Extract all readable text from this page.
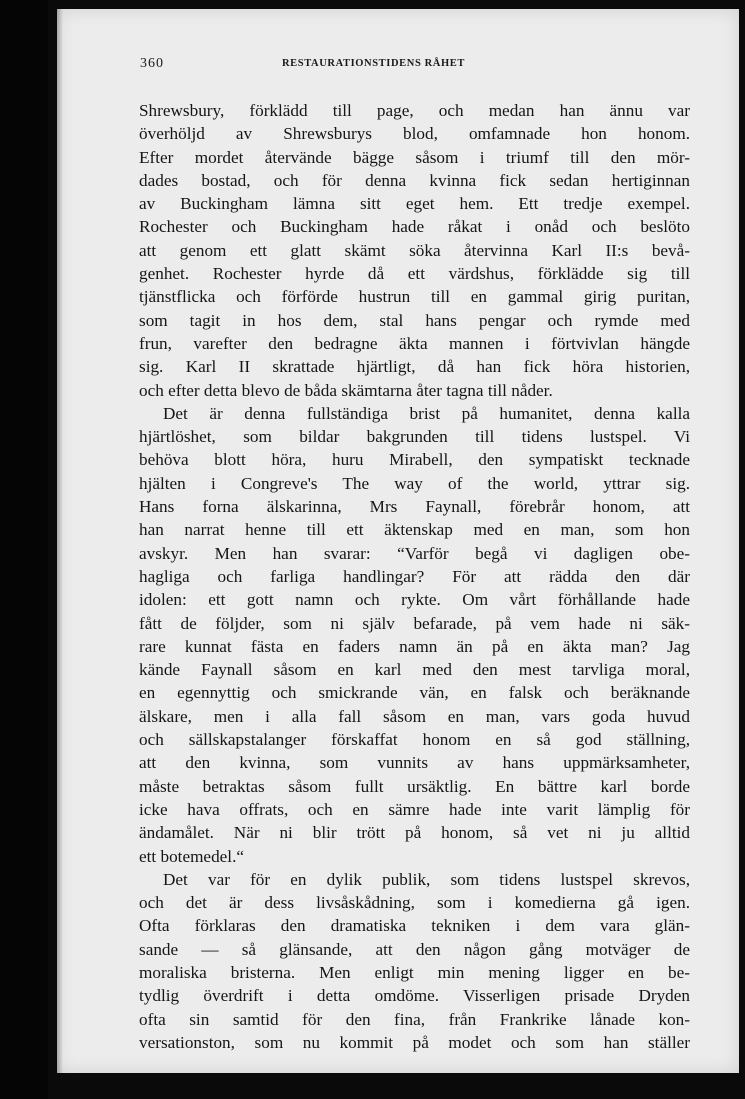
360	RESTAURATIONSTIDENS RÅHET
Shrewsbury, förklädd till page, och medan han ännu var
överhöljd av Shrewsburys blod, omfamnade hon honom.
Efter mordet återvände bägge såsom i triumf till den mör-
dades bostad, och för denna kvinna fick sedan hertiginnan
av Buckingham lämna sitt eget hem. Ett tredje exempel.
Rochester och Buckingham hade råkat i onåd och beslöto
att genom ett glatt skämt söka återvinna Karl II:s bevå-
genhet. Rochester hyrde då ett värdshus, förklädde sig till
tjänstflicka och förförde hustrun till en gammal girig puritan,
som tagit in hos dem, stal hans pengar och rymde med
frun, varefter den bedragne äkta mannen i förtvivlan hängde
sig. Karl II skrattade hjärtligt, då han fick höra historien,
och efter detta blevo de båda skämtarna åter tagna till nåder.
Det är denna fullständiga brist på humanitet, denna kalla
hjärtlöshet, som bildar bakgrunden till tidens lustspel. Vi
behöva blott höra, huru Mirabell, den sympatiskt tecknade
hjälten i Congreve's The way of the world, yttrar sig.
Hans forna älskarinna, Mrs Faynall, förebrår honom, att
han narrat henne till ett äktenskap med en man, som hon
avskyr. Men han svarar: “Varför begå vi dagligen obe-
hagliga och farliga handlingar? För att rädda den där
idolen: ett gott namn och rykte. Om vårt förhållande hade
fått de följder, som ni själv befarade, på vem hade ni säk-
rare kunnat fästa en faders namn än på en äkta man? Jag
kände Faynall såsom en karl med den mest tarvliga moral,
en egennyttig och smickrande vän, en falsk och beräknande
älskare, men i alla fall såsom en man, vars goda huvud
och sällskapstalanger förskaffat honom en så god ställning,
att den kvinna, som vunnits av hans uppmärksamheter,
måste betraktas såsom fullt ursäktlig. En bättre karl borde
icke hava offrats, och en sämre hade inte varit lämplig för
ändamålet. När ni blir trött på honom, så vet ni ju alltid
ett botemedel.“
Det var för en dylik publik, som tidens lustspel skrevos,
och det är dess livsåskådning, som i komedierna gå igen.
Ofta förklaras den dramatiska tekniken i dem vara glän-
sande — så glänsande, att den någon gång motväger de
moraliska bristerna. Men enligt min mening ligger en be-
tydlig överdrift i detta omdöme. Visserligen prisade Dryden
ofta sin samtid för den fina, från Frankrike lånade kon-
versationston, som nu kommit på modet och som han ställer
